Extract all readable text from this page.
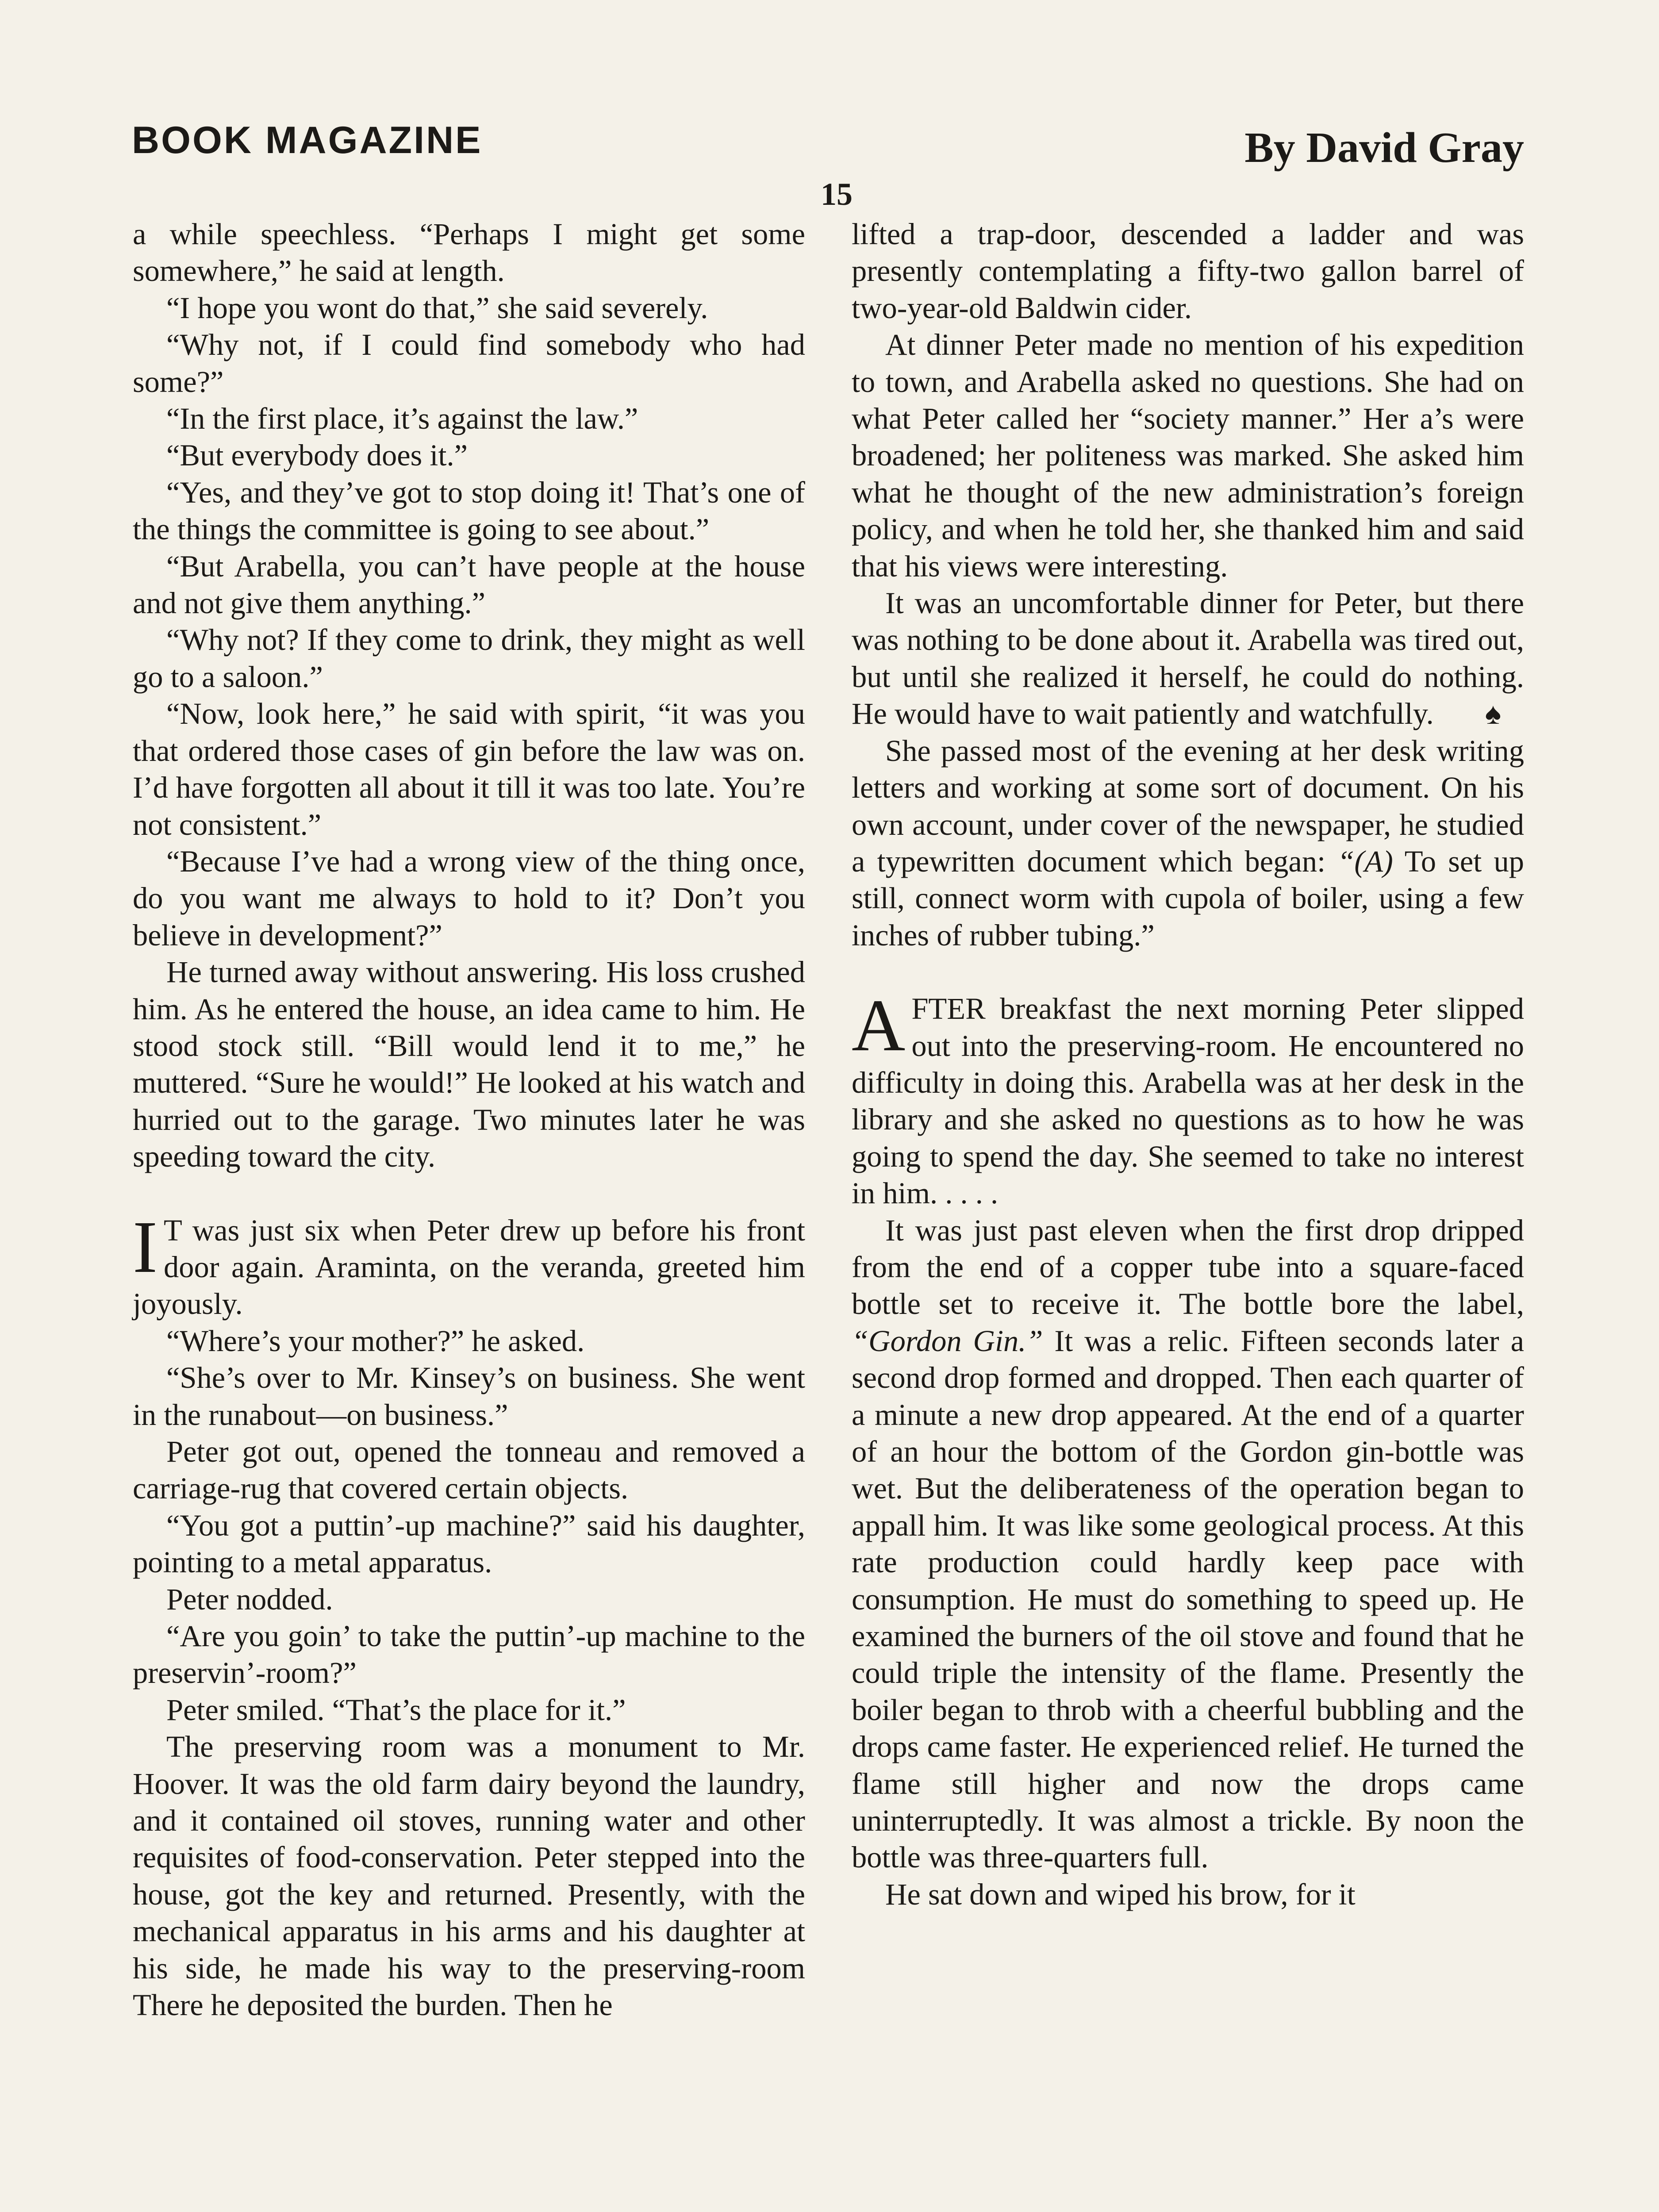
BOOK MAGAZINE	By David Gray
15

a while speechless. “Perhaps I might get some somewhere,” he said at length.

“I hope you wont do that,” she said severely.

“Why not, if I could find somebody who had some?”

“In the first place, it’s against the law.”

“But everybody does it.”

“Yes, and they’ve got to stop doing it! That’s one of the things the committee is going to see about.”

“But Arabella, you can’t have people at the house and not give them anything.”

“Why not? If they come to drink, they might as well go to a saloon.”

“Now, look here,” he said with spirit, “it was you that ordered those cases of gin before the law was on. I’d have forgotten all about it till it was too late. You’re not consistent.”

“Because I’ve had a wrong view of the thing once, do you want me always to hold to it? Don’t you believe in development?”

He turned away without answering. His loss crushed him. As he entered the house, an idea came to him. He stood stock still. “Bill would lend it to me,” he muttered. “Sure he would!” He looked at his watch and hurried out to the garage. Two minutes later he was speeding toward the city.

I T was just six when Peter drew up before his front door again. Araminta, on the veranda, greeted him joyously.

“Where’s your mother?” he asked.

“She’s over to Mr. Kinsey’s on business. She went in the runabout—on business.”

Peter got out, opened the tonneau and removed a carriage-rug that covered certain objects.

“You got a puttin’-up machine?” said his daughter, pointing to a metal apparatus.

Peter nodded.

“Are you goin’ to take the puttin’-up machine to the preservin’-room?”

Peter smiled. “That’s the place for it.”

The preserving room was a monument to Mr. Hoover. It was the old farm dairy beyond the laundry, and it contained oil stoves, running water and other requisites of food-conservation. Peter stepped into the house, got the key and returned. Presently, with the mechanical apparatus in his arms and his daughter at his side, he made his way to the preserving-room There he deposited the burden. Then he

lifted a trap-door, descended a ladder and was presently contemplating a fifty-two gallon barrel of two-year-old Baldwin cider.

At dinner Peter made no mention of his expedition to town, and Arabella asked no questions. She had on what Peter called her “society manner.” Her a’s were broadened; her politeness was marked. She asked him what he thought of the new administration’s foreign policy, and when he told her, she thanked him and said that his views were interesting.

It was an uncomfortable dinner for Peter, but there was nothing to be done about it. Arabella was tired out, but until she realized it herself, he could do nothing. He would have to wait patiently and watchfully. ♠

She passed most of the evening at her desk writing letters and working at some sort of document. On his own account, under cover of the newspaper, he studied a typewritten document which began: “(A) To set up still, connect worm with cupola of boiler, using a few inches of rubber tubing.”

AFTER breakfast the next morning Peter slipped out into the preserving-room. He encountered no difficulty in doing this. Arabella was at her desk in the library and she asked no questions as to how he was going to spend the day. She seemed to take no interest in him. . . . .

It was just past eleven when the first drop dripped from the end of a copper tube into a square-faced bottle set to receive it. The bottle bore the label, “Gordon Gin.” It was a relic. Fifteen seconds later a second drop formed and dropped. Then each quarter of a minute a new drop appeared. At the end of a quarter of an hour the bottom of the Gordon gin-bottle was wet. But the deliberateness of the operation began to appall him. It was like some geological process. At this rate production could hardly keep pace with consumption. He must do something to speed up. He examined the burners of the oil stove and found that he could triple the intensity of the flame. Presently the boiler began to throb with a cheerful bubbling and the drops came faster. He experienced relief. He turned the flame still higher and now the drops came uninterruptedly. It was almost a trickle. By noon the bottle was three-quarters full.

He sat down and wiped his brow, for it
